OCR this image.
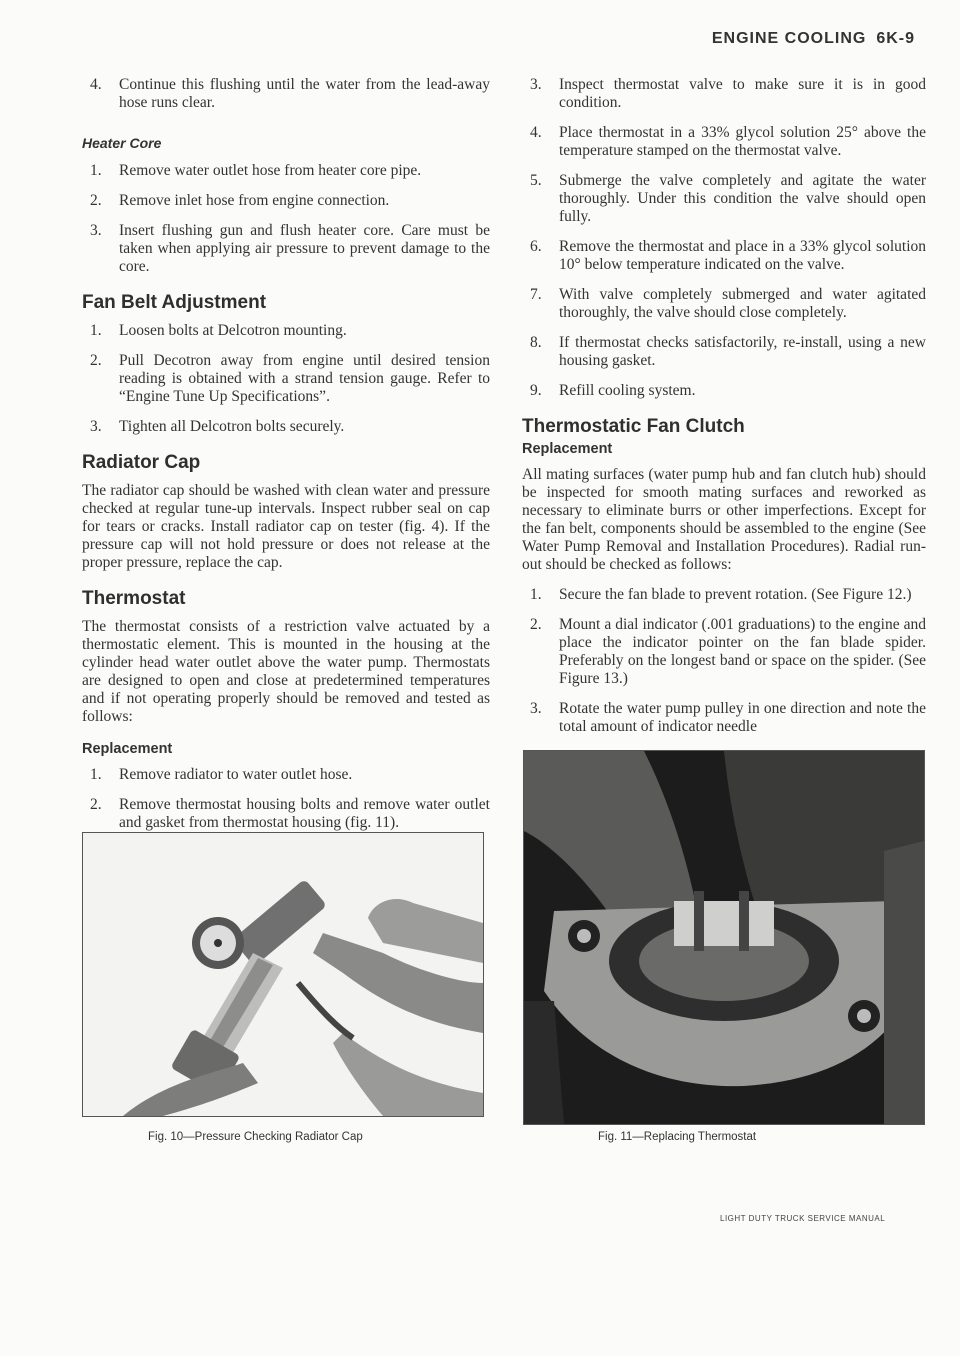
ENGINE COOLING 6K-9
4. Continue this flushing until the water from the lead-away hose runs clear.
Heater Core
1. Remove water outlet hose from heater core pipe.
2. Remove inlet hose from engine connection.
3. Insert flushing gun and flush heater core. Care must be taken when applying air pressure to prevent damage to the core.
Fan Belt Adjustment
1. Loosen bolts at Delcotron mounting.
2. Pull Decotron away from engine until desired tension reading is obtained with a strand tension gauge. Refer to “Engine Tune Up Specifications”.
3. Tighten all Delcotron bolts securely.
Radiator Cap
The radiator cap should be washed with clean water and pressure checked at regular tune-up intervals. Inspect rubber seal on cap for tears or cracks. Install radiator cap on tester (fig. 4). If the pressure cap will not hold pressure or does not release at the proper pressure, replace the cap.
Thermostat
The thermostat consists of a restriction valve actuated by a thermostatic element. This is mounted in the housing at the cylinder head water outlet above the water pump. Thermostats are designed to open and close at predetermined temperatures and if not operating properly should be removed and tested as follows:
Replacement
1. Remove radiator to water outlet hose.
2. Remove thermostat housing bolts and remove water outlet and gasket from thermostat housing (fig. 11).
3. Inspect thermostat valve to make sure it is in good condition.
4. Place thermostat in a 33% glycol solution 25° above the temperature stamped on the thermostat valve.
5. Submerge the valve completely and agitate the water thoroughly. Under this condition the valve should open fully.
6. Remove the thermostat and place in a 33% glycol solution 10° below temperature indicated on the valve.
7. With valve completely submerged and water agitated thoroughly, the valve should close completely.
8. If thermostat checks satisfactorily, re-install, using a new housing gasket.
9. Refill cooling system.
Thermostatic Fan Clutch
Replacement
All mating surfaces (water pump hub and fan clutch hub) should be inspected for smooth mating surfaces and reworked as necessary to eliminate burrs or other imperfections. Except for the fan belt, components should be assembled to the engine (See Water Pump Removal and Installation Procedures). Radial run-out should be checked as follows:
1. Secure the fan blade to prevent rotation. (See Figure 12.)
2. Mount a dial indicator (.001 graduations) to the engine and place the indicator pointer on the fan blade spider. Preferably on the longest band or space on the spider. (See Figure 13.)
3. Rotate the water pump pulley in one direction and note the total amount of indicator needle
Fig. 10—Pressure Checking Radiator Cap	Fig. 11—Replacing Thermostat
LIGHT DUTY TRUCK SERVICE MANUAL
